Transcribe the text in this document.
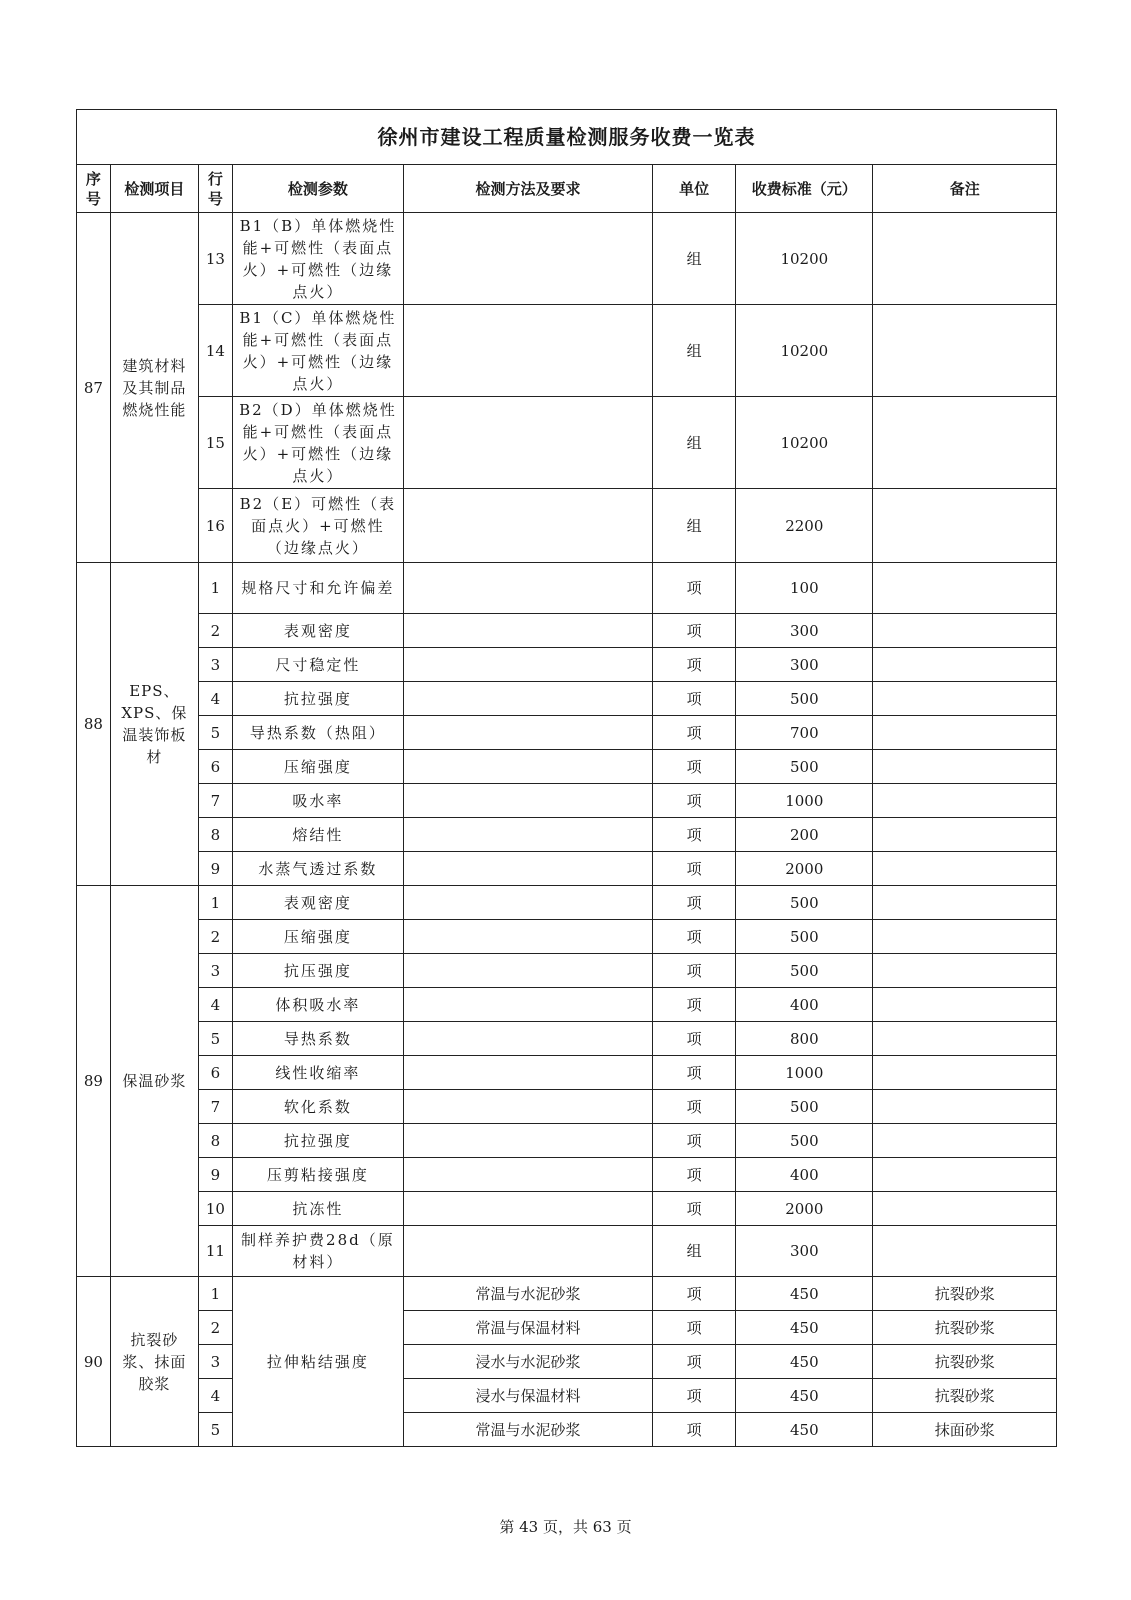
徐州市建设工程质量检测服务收费一览表							
序号	检测项目	行号	检测参数	检测方法及要求	单位	收费标准（元）	备注
87	建筑材料及其制品燃烧性能	13	B1（B）单体燃烧性能+可燃性（表面点火）+可燃性（边缘点火）		组	10200	
		14	B1（C）单体燃烧性能+可燃性（表面点火）+可燃性（边缘点火）		组	10200	
		15	B2（D）单体燃烧性能+可燃性（表面点火）+可燃性（边缘点火）		组	10200	
		16	B2（E）可燃性（表面点火）+可燃性（边缘点火）		组	2200	
88	EPS、XPS、保温装饰板材	1	规格尺寸和允许偏差		项	100	
		2	表观密度		项	300	
		3	尺寸稳定性		项	300	
		4	抗拉强度		项	500	
		5	导热系数（热阻）		项	700	
		6	压缩强度		项	500	
		7	吸水率		项	1000	
		8	熔结性		项	200	
		9	水蒸气透过系数		项	2000	
89	保温砂浆	1	表观密度		项	500	
		2	压缩强度		项	500	
		3	抗压强度		项	500	
		4	体积吸水率		项	400	
		5	导热系数		项	800	
		6	线性收缩率		项	1000	
		7	软化系数		项	500	
		8	抗拉强度		项	500	
		9	压剪粘接强度		项	400	
		10	抗冻性		项	2000	
		11	制样养护费28d（原材料）		组	300	
90	抗裂砂浆、抹面胶浆	1	拉伸粘结强度	常温与水泥砂浆	项	450	抗裂砂浆
		2		常温与保温材料	项	450	抗裂砂浆
		3		浸水与水泥砂浆	项	450	抗裂砂浆
		4		浸水与保温材料	项	450	抗裂砂浆
		5		常温与水泥砂浆	项	450	抹面砂浆
第 43 页，共 63 页
